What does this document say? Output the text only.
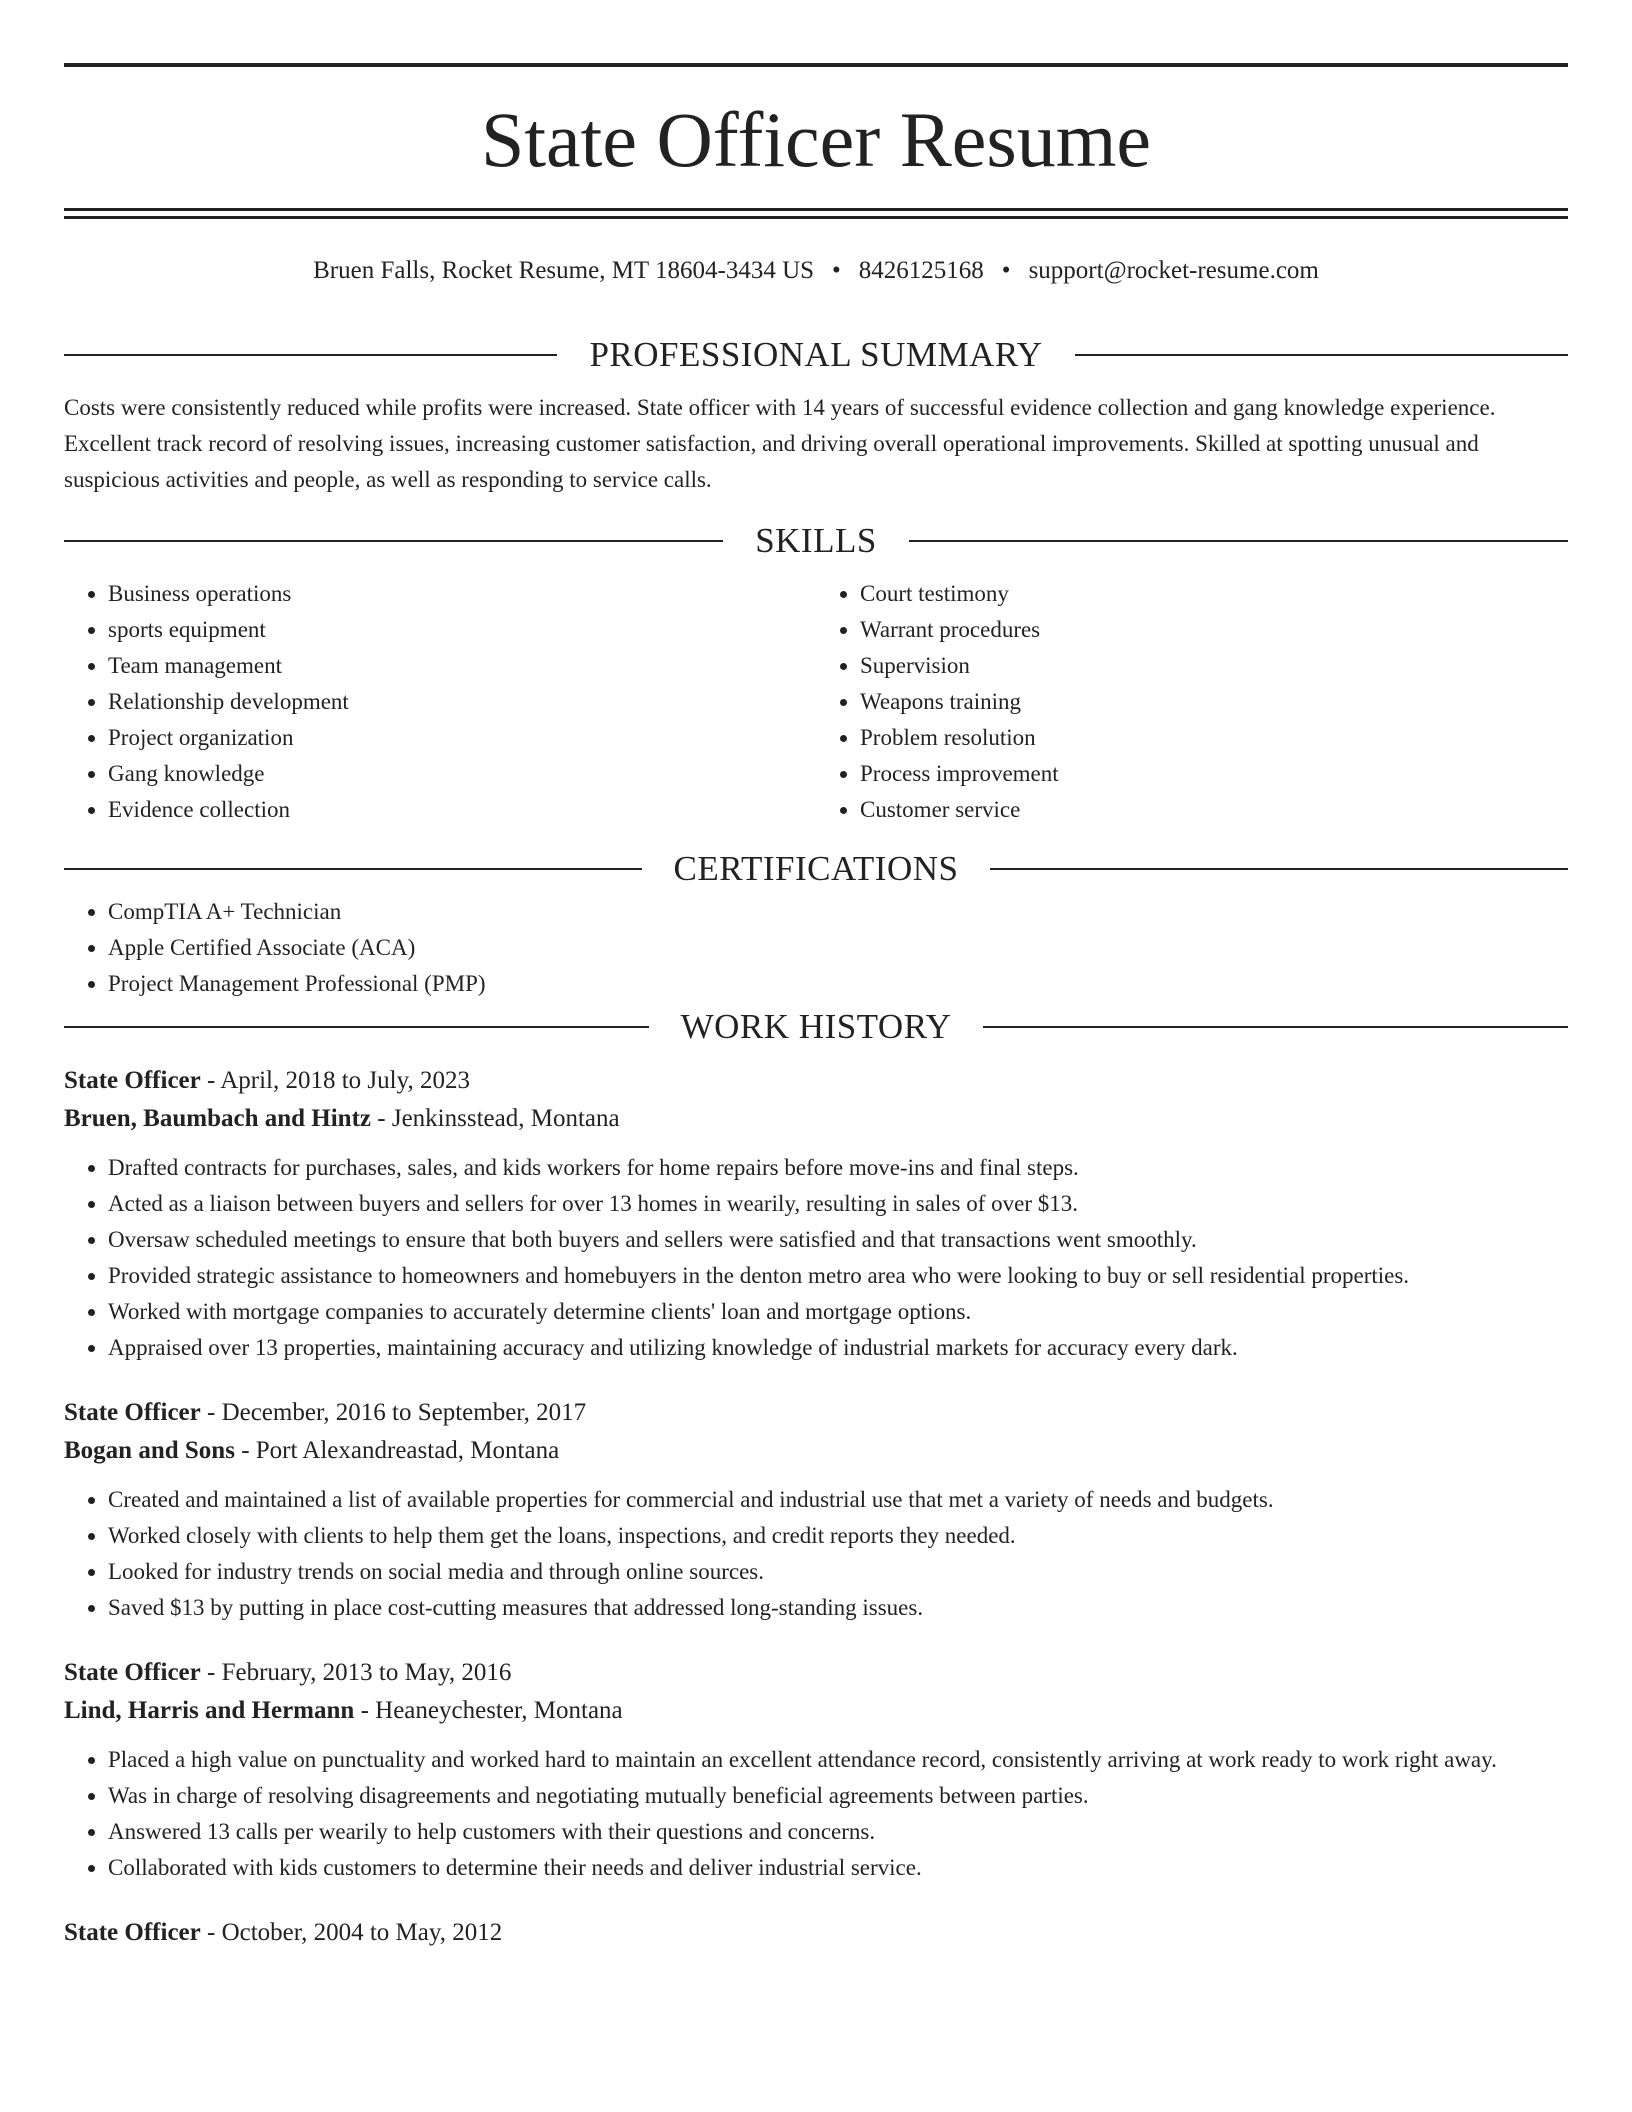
State Officer Resume
Bruen Falls, Rocket Resume, MT 18604-3434 US • 8426125168 • support@rocket-resume.com
PROFESSIONAL SUMMARY

Costs were consistently reduced while profits were increased. State officer with 14 years of successful evidence collection and gang knowledge experience. Excellent track record of resolving issues, increasing customer satisfaction, and driving overall operational improvements. Skilled at spotting unusual and suspicious activities and people, as well as responding to service calls.

SKILLS
• Business operations
• sports equipment
• Team management
• Relationship development
• Project organization
• Gang knowledge
• Evidence collection
• Court testimony
• Warrant procedures
• Supervision
• Weapons training
• Problem resolution
• Process improvement
• Customer service
CERTIFICATIONS
• CompTIA A+ Technician
• Apple Certified Associate (ACA)
• Project Management Professional (PMP)
WORK HISTORY
State Officer - April, 2018 to July, 2023
Bruen, Baumbach and Hintz - Jenkinsstead, Montana
• Drafted contracts for purchases, sales, and kids workers for home repairs before move-ins and final steps.
• Acted as a liaison between buyers and sellers for over 13 homes in wearily, resulting in sales of over $13.
• Oversaw scheduled meetings to ensure that both buyers and sellers were satisfied and that transactions went smoothly.
• Provided strategic assistance to homeowners and homebuyers in the denton metro area who were looking to buy or sell residential properties.
• Worked with mortgage companies to accurately determine clients' loan and mortgage options.
• Appraised over 13 properties, maintaining accuracy and utilizing knowledge of industrial markets for accuracy every dark.
State Officer - December, 2016 to September, 2017
Bogan and Sons - Port Alexandreastad, Montana
• Created and maintained a list of available properties for commercial and industrial use that met a variety of needs and budgets.
• Worked closely with clients to help them get the loans, inspections, and credit reports they needed.
• Looked for industry trends on social media and through online sources.
• Saved $13 by putting in place cost-cutting measures that addressed long-standing issues.
State Officer - February, 2013 to May, 2016
Lind, Harris and Hermann - Heaneychester, Montana
• Placed a high value on punctuality and worked hard to maintain an excellent attendance record, consistently arriving at work ready to work right away.
• Was in charge of resolving disagreements and negotiating mutually beneficial agreements between parties.
• Answered 13 calls per wearily to help customers with their questions and concerns.
• Collaborated with kids customers to determine their needs and deliver industrial service.
State Officer - October, 2004 to May, 2012
